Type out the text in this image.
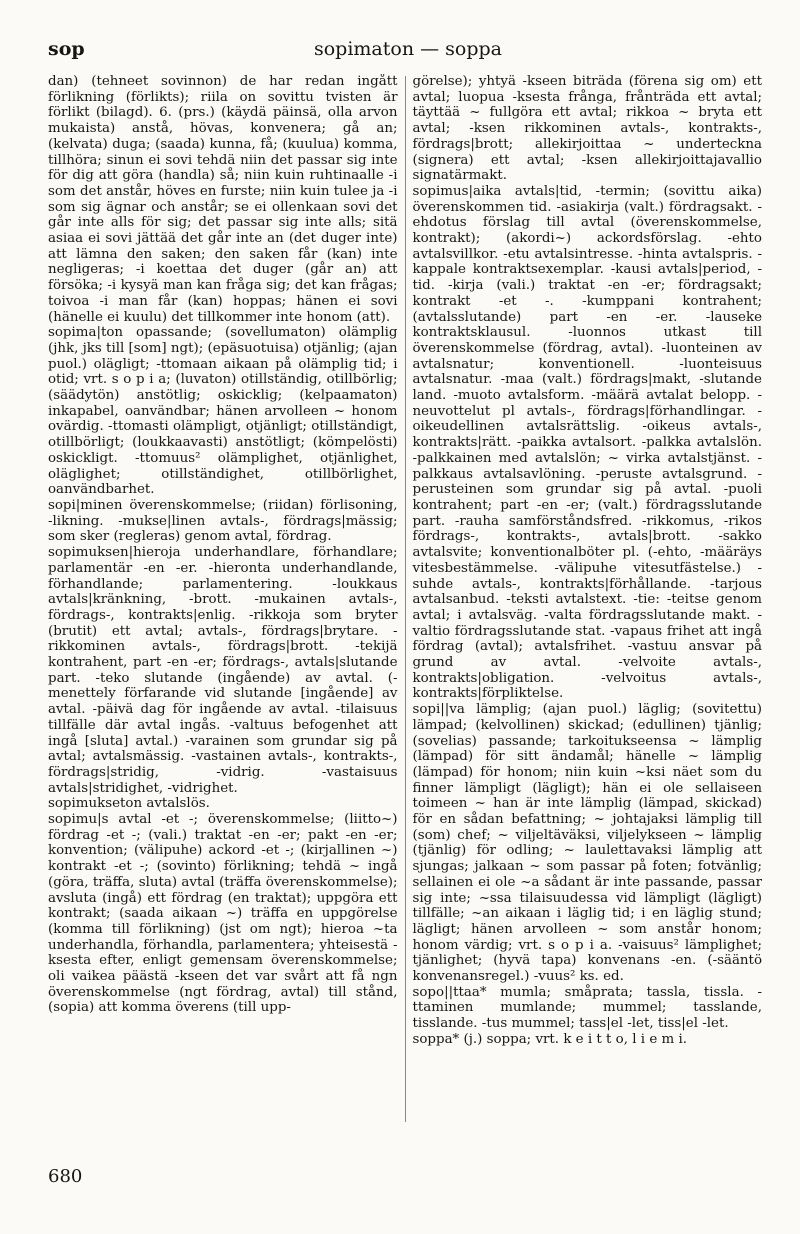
sop	sopimaton — soppa

dan) (tehneet sovinnon) de har redan ingått förlikning (förlikts); riila on sovittu tvisten är förlikt (bilagd). 6. (prs.) (käydä päinsä, olla arvon mukaista) anstå, hövas, konvenera; gå an; (kelvata) duga; (saada) kunna, få; (kuulua) komma, tillhöra; sinun ei sovi tehdä niin det passar sig inte för dig att göra (handla) så; niin kuin ruhtinaalle -i som det anstår, höves en furste; niin kuin tulee ja -i som sig ägnar och anstår; se ei ollenkaan sovi det går inte alls för sig; det passar sig inte alls; sitä asiaa ei sovi jättää det går inte an (det duger inte) att lämna den saken; den saken får (kan) inte negligeras; -i koettaa det duger (går an) att försöka; -i kysyä man kan fråga sig; det kan frågas; toivoa -i man får (kan) hoppas; hänen ei sovi (hänelle ei kuulu) det tillkommer inte honom (att).

sopima|ton opassande; (sovellumaton) olämplig (jhk, jks till [som] ngt); (epäsuotuisa) otjänlig; (ajan puol.) olägligt; -ttomaan aikaan på olämplig tid; i otid; vrt. s o p i a; (luvaton) otillständig, otillbörlig; (säädytön) anstötlig; oskicklig; (kelpaamaton) inkapabel, oanvändbar; hänen arvolleen ~ honom ovärdig. -ttomasti olämpligt, otjänligt; otillständigt, otillbörligt; (loukkaavasti) anstötligt; (kömpelösti) oskickligt. -ttomuus² olämplighet, otjänlighet, oläglighet; otillständighet, otillbörlighet, oanvändbarhet.

sopi|minen överenskommelse; (riidan) förlisoning, -likning. -mukse|linen avtals-, fördrags|mässig; som sker (regleras) genom avtal, fördrag.

sopimuksen|hieroja underhandlare, förhandlare; parlamentär -en -er. -hieronta underhandlande, förhandlande; parlamentering. -loukkaus avtals|kränkning, -brott. -mukainen avtals-, fördrags-, kontrakts|enlig. -rikkoja som bryter (brutit) ett avtal; avtals-, fördrags|brytare. -rikkominen avtals-, fördrags|brott. -tekijä kontrahent, part -en -er; fördrags-, avtals|slutande part. -teko slutande (ingående) av avtal. (-menettely förfarande vid slutande [ingående] av avtal. -päivä dag för ingående av avtal. -tilaisuus tillfälle där avtal ingås. -valtuus befogenhet att ingå [sluta] avtal.) -varainen som grundar sig på avtal; avtalsmässig. -vastainen avtals-, kontrakts-, fördrags|stridig, -vidrig. -vastaisuus avtals|stridighet, -vidrighet.

sopimukseton avtalslös.

sopimu|s avtal -et -; överenskommelse; (liitto~) fördrag -et -; (vali.) traktat -en -er; pakt -en -er; konvention; (välipuhe) ackord -et -; (kirjallinen ~) kontrakt -et -; (sovinto) förlikning; tehdä ~ ingå (göra, träffa, sluta) avtal (träffa överenskommelse); avsluta (ingå) ett fördrag (en traktat); uppgöra ett kontrakt; (saada aikaan ~) träffa en uppgörelse (komma till förlikning) (jst om ngt); hieroa ~ta underhandla, förhandla, parlamentera; yhteisestä -ksesta efter, enligt gemensam överenskommelse; oli vaikea päästä -kseen det var svårt att få ngn överenskommelse (ngt fördrag, avtal) till stånd, (sopia) att komma överens (till upp-

görelse); yhtyä -kseen biträda (förena sig om) ett avtal; luopua -ksesta frånga, frånträda ett avtal; täyttää ~ fullgöra ett avtal; rikkoa ~ bryta ett avtal; -ksen rikkominen avtals-, kontrakts-, fördrags|brott; allekirjoittaa ~ underteckna (signera) ett avtal; -ksen allekirjoittajavallio signatärmakt.

sopimus|aika avtals|tid, -termin; (sovittu aika) överenskommen tid. -asiakirja (valt.) fördragsakt. -ehdotus förslag till avtal (överenskommelse, kontrakt); (akordi~) ackordsförslag. -ehto avtalsvillkor. -etu avtalsintresse. -hinta avtalspris. -kappale kontraktsexemplar. -kausi avtals|period, -tid. -kirja (vali.) traktat -en -er; fördragsakt; kontrakt -et -. -kumppani kontrahent; (avtalsslutande) part -en -er. -lauseke kontraktsklausul. -luonnos utkast till överenskommelse (fördrag, avtal). -luonteinen av avtalsnatur; konventionell. -luonteisuus avtalsnatur. -maa (valt.) fördrags|makt, -slutande land. -muoto avtalsform. -määrä avtalat belopp. -neuvottelut pl avtals-, fördrags|förhandlingar. -oikeudellinen avtalsrättslig. -oikeus avtals-, kontrakts|rätt. -paikka avtalsort. -palkka avtalslön. -palkkainen med avtalslön; ~ virka avtalstjänst. -palkkaus avtalsavlöning. -peruste avtalsgrund. -perusteinen som grundar sig på avtal. -puoli kontrahent; part -en -er; (valt.) fördragsslutande part. -rauha samförståndsfred. -rikkomus, -rikos fördrags-, kontrakts-, avtals|brott. -sakko avtalsvite; konventionalböter pl. (-ehto, -määräys vitesbestämmelse. -välipuhe vitesutfästelse.) -suhde avtals-, kontrakts|förhållande. -tarjous avtalsanbud. -teksti avtalstext. -tie: -teitse genom avtal; i avtalsväg. -valta fördragsslutande makt. -valtio fördragsslutande stat. -vapaus frihet att ingå fördrag (avtal); avtalsfrihet. -vastuu ansvar på grund av avtal. -velvoite avtals-, kontrakts|obligation. -velvoitus avtals-, kontrakts|förpliktelse.

sopi||va lämplig; (ajan puol.) läglig; (sovitettu) lämpad; (kelvollinen) skickad; (edullinen) tjänlig; (sovelias) passande; tarkoitukseensa ~ lämplig (lämpad) för sitt ändamål; hänelle ~ lämplig (lämpad) för honom; niin kuin ~ksi näet som du finner lämpligt (lägligt); hän ei ole sellaiseen toimeen ~ han är inte lämplig (lämpad, skickad) för en sådan befattning; ~ johtajaksi lämplig till (som) chef; ~ viljeltäväksi, viljelykseen ~ lämplig (tjänlig) för odling; ~ laulettavaksi lämplig att sjungas; jalkaan ~ som passar på foten; fotvänlig; sellainen ei ole ~a sådant är inte passande, passar sig inte; ~ssa tilaisuudessa vid lämpligt (lägligt) tillfälle; ~an aikaan i läglig tid; i en läglig stund; lägligt; hänen arvolleen ~ som anstår honom; honom värdig; vrt. s o p i a. -vaisuus² lämplighet; tjänlighet; (hyvä tapa) konvenans -en. (-sääntö konvenansregel.) -vuus² ks. ed.

sopo||ttaa* mumla; småprata; tassla, tissla. -ttaminen mumlande; mummel; tasslande, tisslande. -tus mummel; tass|el -let, tiss|el -let.

soppa* (j.) soppa; vrt. k e i t t o, l i e m i.

680
